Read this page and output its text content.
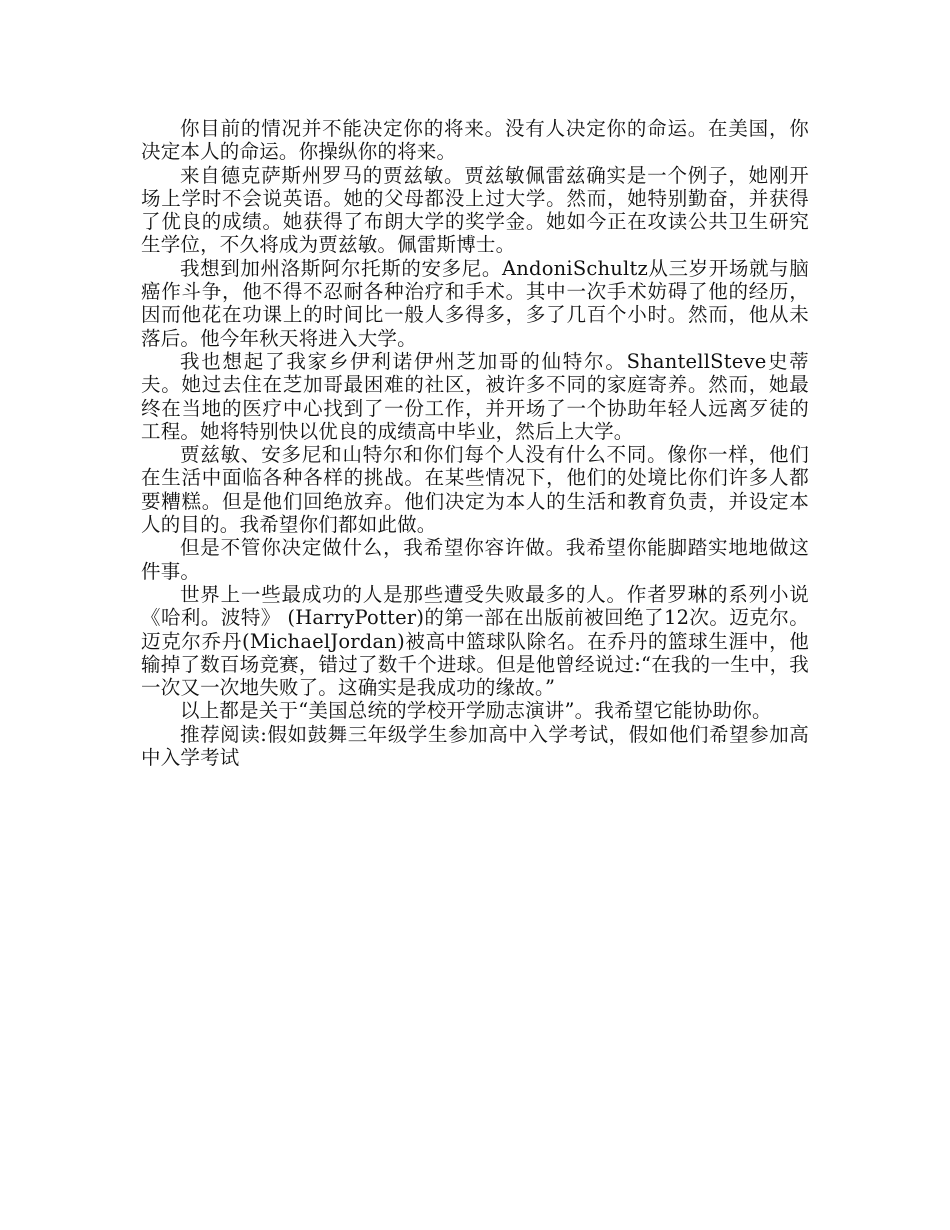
你目前的情况并不能决定你的将来。没有人决定你的命运。在美国，你决定本人的命运。你操纵你的将来。

来自德克萨斯州罗马的贾兹敏。贾兹敏佩雷兹确实是一个例子，她刚开场上学时不会说英语。她的父母都没上过大学。然而，她特别勤奋，并获得了优良的成绩。她获得了布朗大学的奖学金。她如今正在攻读公共卫生研究生学位，不久将成为贾兹敏。佩雷斯博士。

我想到加州洛斯阿尔托斯的安多尼。AndoniSchultz从三岁开场就与脑癌作斗争，他不得不忍耐各种治疗和手术。其中一次手术妨碍了他的经历，因而他花在功课上的时间比一般人多得多，多了几百个小时。然而，他从未落后。他今年秋天将进入大学。

我也想起了我家乡伊利诺伊州芝加哥的仙特尔。ShantellSteve史蒂夫。她过去住在芝加哥最困难的社区，被许多不同的家庭寄养。然而，她最终在当地的医疗中心找到了一份工作，并开场了一个协助年轻人远离歹徒的工程。她将特别快以优良的成绩高中毕业，然后上大学。

贾兹敏、安多尼和山特尔和你们每个人没有什么不同。像你一样，他们在生活中面临各种各样的挑战。在某些情况下，他们的处境比你们许多人都要糟糕。但是他们回绝放弃。他们决定为本人的生活和教育负责，并设定本人的目的。我希望你们都如此做。

但是不管你决定做什么，我希望你容许做。我希望你能脚踏实地地做这件事。

世界上一些最成功的人是那些遭受失败最多的人。作者罗琳的系列小说《哈利。波特》 (HarryPotter)的第一部在出版前被回绝了12次。迈克尔。迈克尔乔丹(MichaelJordan)被高中篮球队除名。在乔丹的篮球生涯中，他输掉了数百场竞赛，错过了数千个进球。但是他曾经说过:“在我的一生中，我一次又一次地失败了。这确实是我成功的缘故。”

以上都是关于“美国总统的学校开学励志演讲”。我希望它能协助你。

推荐阅读:假如鼓舞三年级学生参加高中入学考试，假如他们希望参加高中入学考试
